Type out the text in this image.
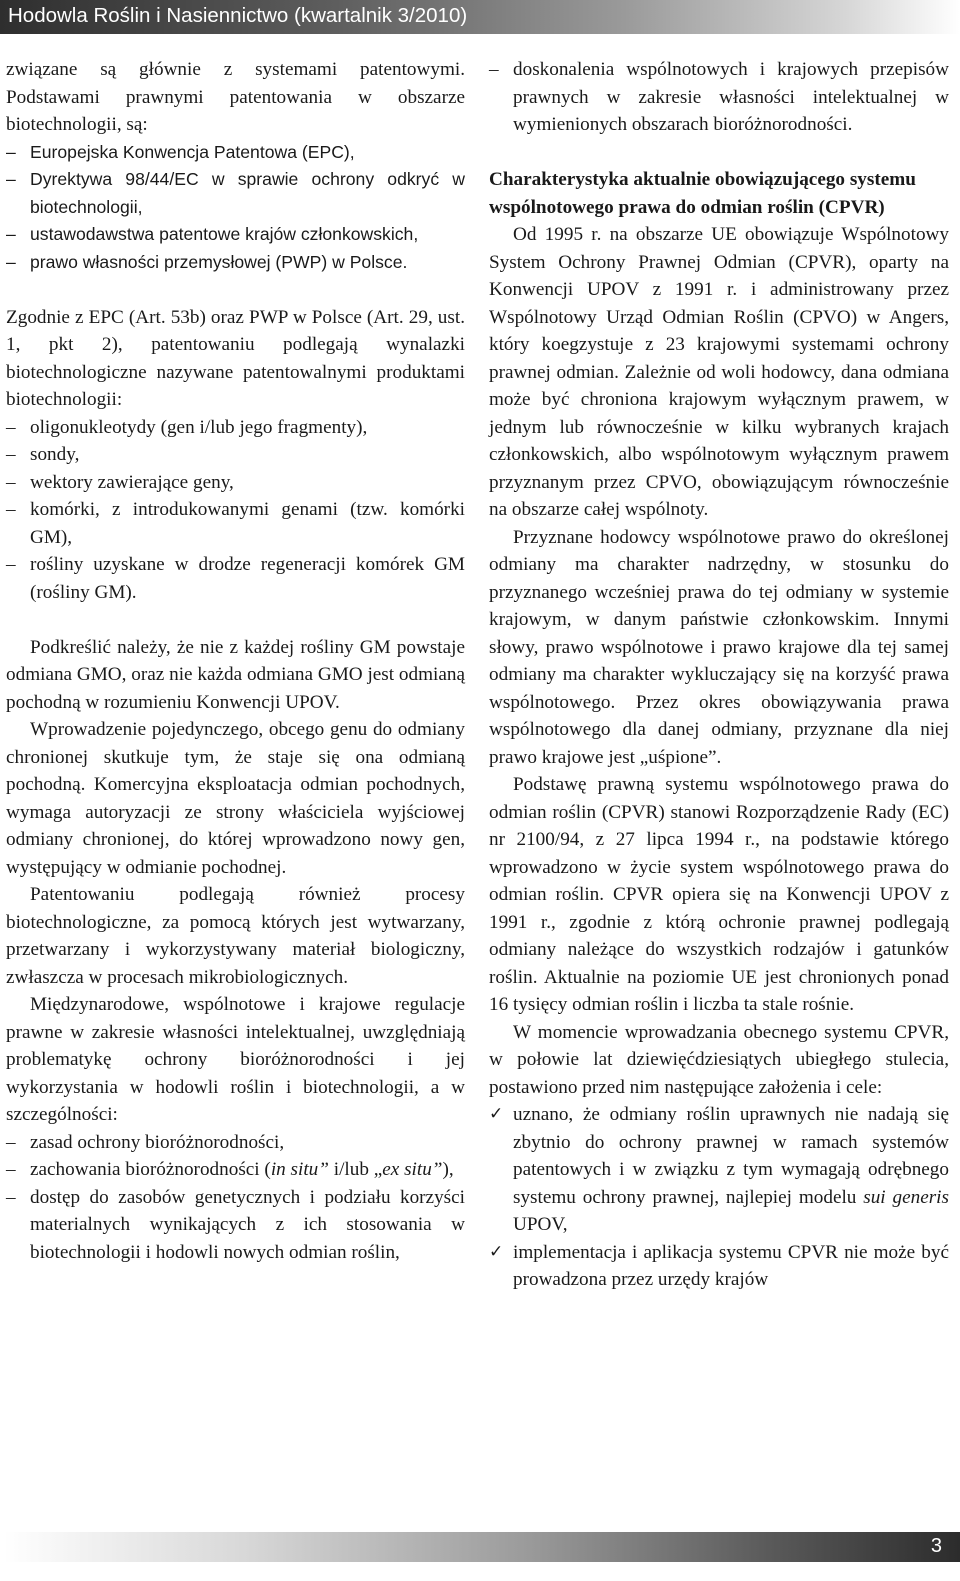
Hodowla Roślin i Nasiennictwo (kwartalnik 3/2010)

związane są głównie z systemami patentowymi. Podstawami prawnymi patentowania w obszarze biotechnologii, są:

– Europejska Konwencja Patentowa (EPC),
– Dyrektywa 98/44/EC w sprawie ochrony odkryć w biotechnologii,
– ustawodawstwa patentowe krajów członkowskich,
– prawo własności przemysłowej (PWP) w Polsce.

Zgodnie z EPC (Art. 53b) oraz PWP w Polsce (Art. 29, ust. 1, pkt 2), patentowaniu podlegają wynalazki biotechnologiczne nazywane patentowalnymi produktami biotechnologii:

– oligonukleotydy (gen i/lub jego fragmenty),
– sondy,
– wektory zawierające geny,
– komórki, z introdukowanymi genami (tzw. komórki GM),
– rośliny uzyskane w drodze regeneracji komórek GM (rośliny GM).

Podkreślić należy, że nie z każdej rośliny GM powstaje odmiana GMO, oraz nie każda odmiana GMO jest odmianą pochodną w rozumieniu Konwencji UPOV.

Wprowadzenie pojedynczego, obcego genu do odmiany chronionej skutkuje tym, że staje się ona odmianą pochodną. Komercyjna eksploatacja odmian pochodnych, wymaga autoryzacji ze strony właściciela wyjściowej odmiany chronionej, do której wprowadzono nowy gen, występujący w odmianie pochodnej.

Patentowaniu podlegają również procesy biotechnologiczne, za pomocą których jest wytwarzany, przetwarzany i wykorzystywany materiał biologiczny, zwłaszcza w procesach mikrobiologicznych.

Międzynarodowe, wspólnotowe i krajowe regulacje prawne w zakresie własności intelektualnej, uwzględniają problematykę ochrony bioróżnorodności i jej wykorzystania w hodowli roślin i biotechnologii, a w szczególności:

– zasad ochrony bioróżnorodności,
– zachowania bioróżnorodności (in situ” i/lub „ex situ”),
– dostęp do zasobów genetycznych i podziału korzyści materialnych wynikających z ich stosowania w biotechnologii i hodowli nowych odmian roślin,
– doskonalenia wspólnotowych i krajowych przepisów prawnych w zakresie własności intelektualnej w wymienionych obszarach bioróżnorodności.

Charakterystyka aktualnie obowiązującego systemu wspólnotowego prawa do odmian roślin (CPVR)

Od 1995 r. na obszarze UE obowiązuje Wspólnotowy System Ochrony Prawnej Odmian (CPVR), oparty na Konwencji UPOV z 1991 r. i administrowany przez Wspólnotowy Urząd Odmian Roślin (CPVO) w Angers, który koegzystuje z 23 krajowymi systemami ochrony prawnej odmian. Zależnie od woli hodowcy, dana odmiana może być chroniona krajowym wyłącznym prawem, w jednym lub równocześnie w kilku wybranych krajach członkowskich, albo wspólnotowym wyłącznym prawem przyznanym przez CPVO, obowiązującym równocześnie na obszarze całej wspólnoty.

Przyznane hodowcy wspólnotowe prawo do określonej odmiany ma charakter nadrzędny, w stosunku do przyznanego wcześniej prawa do tej odmiany w systemie krajowym, w danym państwie członkowskim. Innymi słowy, prawo wspólnotowe i prawo krajowe dla tej samej odmiany ma charakter wykluczający się na korzyść prawa wspólnotowego. Przez okres obowiązywania prawa wspólnotowego dla danej odmiany, przyznane dla niej prawo krajowe jest „uśpione”.

Podstawę prawną systemu wspólnotowego prawa do odmian roślin (CPVR) stanowi Rozporządzenie Rady (EC) nr 2100/94, z 27 lipca 1994 r., na podstawie którego wprowadzono w życie system wspólnotowego prawa do odmian roślin. CPVR opiera się na Konwencji UPOV z 1991 r., zgodnie z którą ochronie prawnej podlegają odmiany należące do wszystkich rodzajów i gatunków roślin. Aktualnie na poziomie UE jest chronionych ponad 16 tysięcy odmian roślin i liczba ta stale rośnie.

W momencie wprowadzania obecnego systemu CPVR, w połowie lat dziewięćdziesiątych ubiegłego stulecia, postawiono przed nim następujące założenia i cele:

✓ uznano, że odmiany roślin uprawnych nie nadają się zbytnio do ochrony prawnej w ramach systemów patentowych i w związku z tym wymagają odrębnego systemu ochrony prawnej, najlepiej modelu sui generis UPOV,
✓ implementacja i aplikacja systemu CPVR nie może być prowadzona przez urzędy krajów
3
